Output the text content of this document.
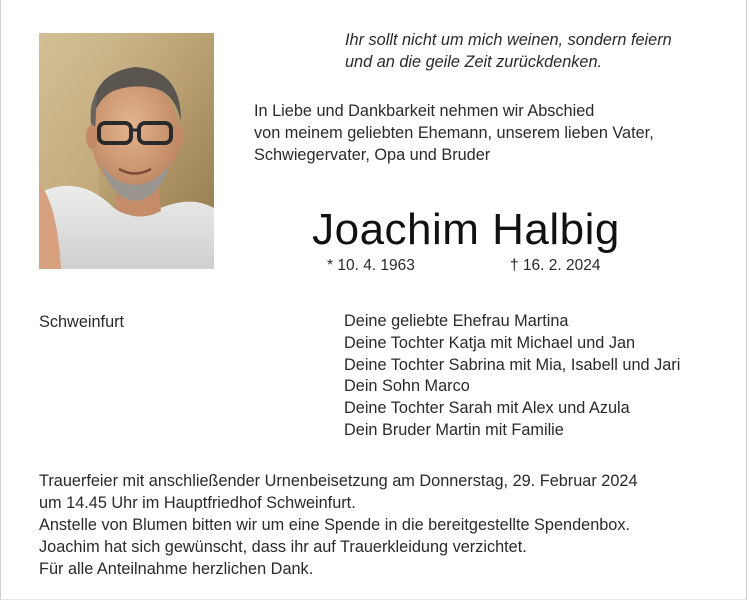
Ihr sollt nicht um mich weinen, sondern feiern
und an die geile Zeit zurückdenken.
In Liebe und Dankbarkeit nehmen wir Abschied
von meinem geliebten Ehemann, unserem lieben Vater,
Schwiegervater, Opa und Bruder
Joachim Halbig
* 10. 4. 1963	† 16. 2. 2024
Schweinfurt	Deine geliebte Ehefrau Martina
Deine Tochter Katja mit Michael und Jan
Deine Tochter Sabrina mit Mia, Isabell und Jari
Dein Sohn Marco
Deine Tochter Sarah mit Alex und Azula
Dein Bruder Martin mit Familie
Trauerfeier mit anschließender Urnenbeisetzung am Donnerstag, 29. Februar 2024
um 14.45 Uhr im Hauptfriedhof Schweinfurt.
Anstelle von Blumen bitten wir um eine Spende in die bereitgestellte Spendenbox.
Joachim hat sich gewünscht, dass ihr auf Trauerkleidung verzichtet.
Für alle Anteilnahme herzlichen Dank.
